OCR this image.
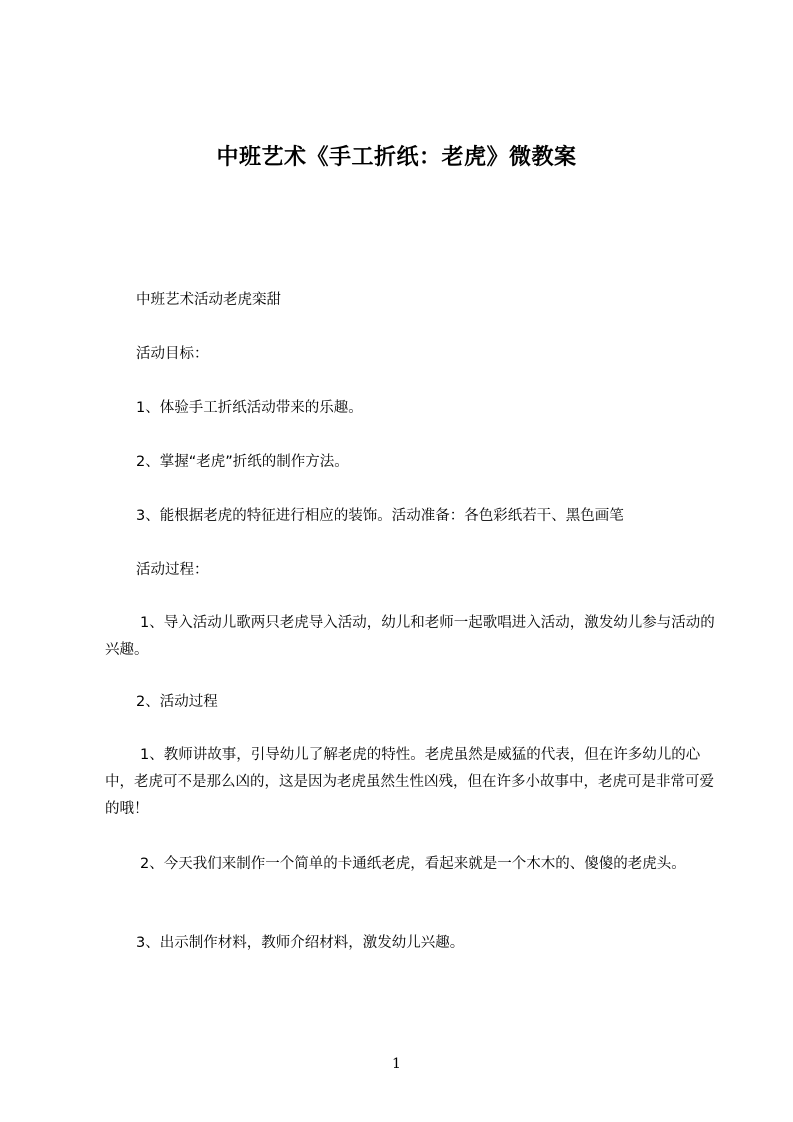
中班艺术《手工折纸：老虎》微教案
中班艺术活动老虎栾甜
活动目标：
1、体验手工折纸活动带来的乐趣。
2、掌握“老虎”折纸的制作方法。
3、能根据老虎的特征进行相应的装饰。活动准备：各色彩纸若干、黑色画笔
活动过程：
1、导入活动儿歌两只老虎导入活动，幼儿和老师一起歌唱进入活动，激发幼儿参与活动的兴趣。
2、活动过程
1、教师讲故事，引导幼儿了解老虎的特性。老虎虽然是威猛的代表，但在许多幼儿的心中，老虎可不是那么凶的，这是因为老虎虽然生性凶残，但在许多小故事中，老虎可是非常可爱的哦！
2、今天我们来制作一个简单的卡通纸老虎，看起来就是一个木木的、傻傻的老虎头。
3、出示制作材料，教师介绍材料，激发幼儿兴趣。
1
